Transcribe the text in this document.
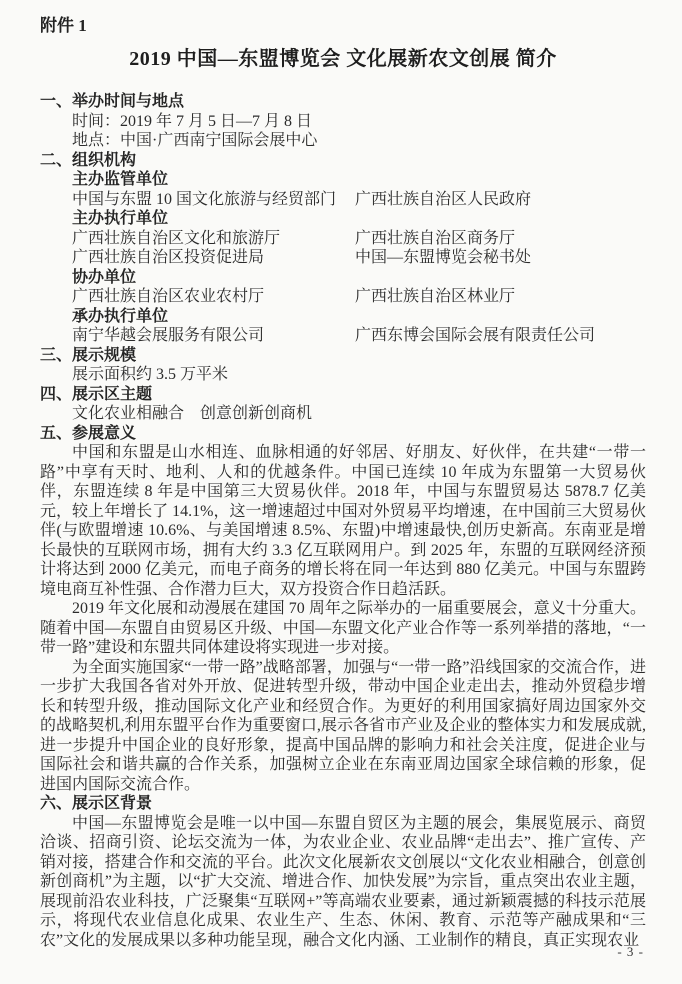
附件 1
2019 中国—东盟博览会 文化展新农文创展 简介
一、举办时间与地点
时间：2019 年 7 月 5 日—7 月 8 日
地点：中国·广西南宁国际会展中心
二、组织机构
主办监管单位
中国与东盟 10 国文化旅游与经贸部门	广西壮族自治区人民政府
主办执行单位
广西壮族自治区文化和旅游厅	广西壮族自治区商务厅
广西壮族自治区投资促进局	中国—东盟博览会秘书处
协办单位
广西壮族自治区农业农村厅	广西壮族自治区林业厅
承办执行单位
南宁华越会展服务有限公司	广西东博会国际会展有限责任公司
三、展示规模
展示面积约 3.5 万平米
四、展示区主题
文化农业相融合　创意创新创商机
五、参展意义

中国和东盟是山水相连、血脉相通的好邻居、好朋友、好伙伴，在共建“一带一路”中享有天时、地利、人和的优越条件。中国已连续 10 年成为东盟第一大贸易伙伴，东盟连续 8 年是中国第三大贸易伙伴。2018 年，中国与东盟贸易达 5878.7 亿美元，较上年增长了 14.1%，这一增速超过中国对外贸易平均增速，在中国前三大贸易伙伴(与欧盟增速 10.6%、与美国增速 8.5%、东盟)中增速最快,创历史新高。东南亚是增长最快的互联网市场，拥有大约 3.3 亿互联网用户。到 2025 年，东盟的互联网经济预计将达到 2000 亿美元，而电子商务的增长将在同一年达到 880 亿美元。中国与东盟跨境电商互补性强、合作潜力巨大，双方投资合作日趋活跃。

2019 年文化展和动漫展在建国 70 周年之际举办的一届重要展会，意义十分重大。随着中国—东盟自由贸易区升级、中国—东盟文化产业合作等一系列举措的落地，“一带一路”建设和东盟共同体建设将实现进一步对接。

为全面实施国家“一带一路”战略部署，加强与“一带一路”沿线国家的交流合作，进一步扩大我国各省对外开放、促进转型升级，带动中国企业走出去，推动外贸稳步增长和转型升级，推动国际文化产业和经贸合作。为更好的利用国家搞好周边国家外交的战略契机,利用东盟平台作为重要窗口,展示各省市产业及企业的整体实力和发展成就,进一步提升中国企业的良好形象，提高中国品牌的影响力和社会关注度，促进企业与国际社会和谐共赢的合作关系，加强树立企业在东南亚周边国家全球信赖的形象，促进国内国际交流合作。

六、展示区背景

中国—东盟博览会是唯一以中国—东盟自贸区为主题的展会，集展览展示、商贸洽谈、招商引资、论坛交流为一体，为农业企业、农业品牌“走出去”、推广宣传、产销对接，搭建合作和交流的平台。此次文化展新农文创展以“文化农业相融合，创意创新创商机”为主题，以“扩大交流、增进合作、加快发展”为宗旨，重点突出农业主题，展现前沿农业科技，广泛聚集“互联网+”等高端农业要素，通过新颖震撼的科技示范展示，将现代农业信息化成果、农业生产、生态、休闲、教育、示范等产融成果和“三农”文化的发展成果以多种功能呈现，融合文化内涵、工业制作的精良，真正实现农业

- 3 -
